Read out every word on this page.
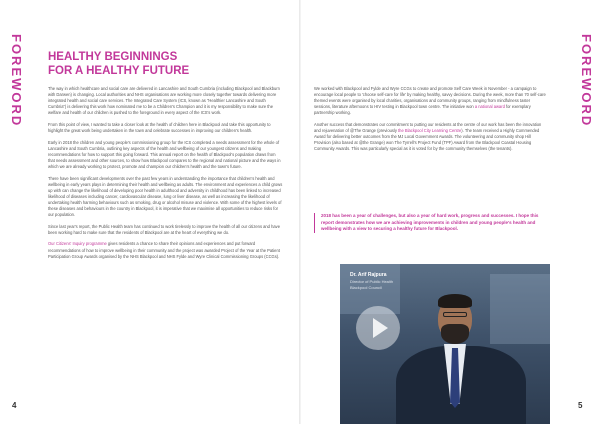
FOREWORD	FOREWORD
HEALTHY BEGINNINGS
FOR A HEALTHY FUTURE

The way in which healthcare and social care are delivered in Lancashire and South Cumbria (including Blackpool and Blackburn with Darwen) is changing. Local authorities and NHS organisations are working more closely together towards delivering more integrated health and social care services. The Integrated Care System (ICS, known as "Healthier Lancashire and South Cumbria") is delivering this work how nominated me to be a Children's Champion and it is my responsibility to make sure the welfare and health of our children is pushed to the foreground in every aspect of the ICS's work.

From this point of view, I wanted to take a closer look at the health of children here in Blackpool and take this opportunity to highlight the great work being undertaken in the town and celebrate successes in improving our children's health.

Early in 2018 the children and young people's commissioning group for the ICS completed a needs assessment for the whole of Lancashire and South Cumbria, outlining key aspects of the health and wellbeing of our youngest citizens and making recommendations for how to support this going forward. This annual report on the health of Blackpool's population draws from that needs assessment and other sources, to show how Blackpool compares to the regional and national picture and the ways in which we are already working to protect, promote and champion our children's health and the town's future.

There have been significant developments over the past few years in understanding the importance that children's health and wellbeing in early years plays in determining their health and wellbeing as adults. The environment and experiences a child grows up with can change the likelihood of developing poor health in adulthood and adversity in childhood has been linked to increased likelihood of diseases including cancer, cardiovascular disease, lung or liver disease, as well as increasing the likelihood of undertaking health harming behaviours such as smoking, drug or alcohol misuse and violence. With some of the highest levels of these diseases and behaviours in the country in Blackpool, it is imperative that we maximise all opportunities to reduce risks for our population.

Since last year's report, the Public Health team has continued to work tirelessly to improve the health of all our citizens and have been working hard to make sure that the residents of Blackpool are at the heart of everything we do.

Our Citizens' Inquiry programme gives residents a chance to share their opinions and experiences and put forward recommendations of how to improve wellbeing in their community and the project was awarded Project of the Year at the Patient Participation Group Awards organised by the NHS Blackpool and NHS Fylde and Wyre Clinical Commissioning Groups (CCGs).

We worked with Blackpool and Fylde and Wyre CCGs to create and promote Self Care Week in November - a campaign to encourage local people to 'choose self-care for life' by making healthy, savvy decisions. During the week, more than 70 self-care themed events were organised by local charities, organisations and community groups, ranging from mindfulness taster sessions, literature afternoons to HIV testing in Blackpool town centre. The initiative won a national award for exemplary partnership working.

Another success that demonstrates our commitment to putting our residents at the centre of our work has been the innovation and rejuvenation of @The Grange (previously the Blackpool City Learning Centre). The team received a Highly Commended Award for delivering better outcomes from the MJ Local Government Awards. The volunteering and community shop Hill Provision (also based at @the Grange) won The Tyrrell's Project Fund (TPF) Award from the Blackpool Coastal Housing Community Awards. This was particularly special as it is voted for by the community themselves (the tenants).

2018 has been a year of challenges, but also a year of hard work, progress and successes. I hope this report demonstrates how we are achieving improvements in children and young people's health and wellbeing with a view to securing a healthy future for Blackpool.
Dr. Arif Rajpura
Director of Public Health
Blackpool Council
4	5
